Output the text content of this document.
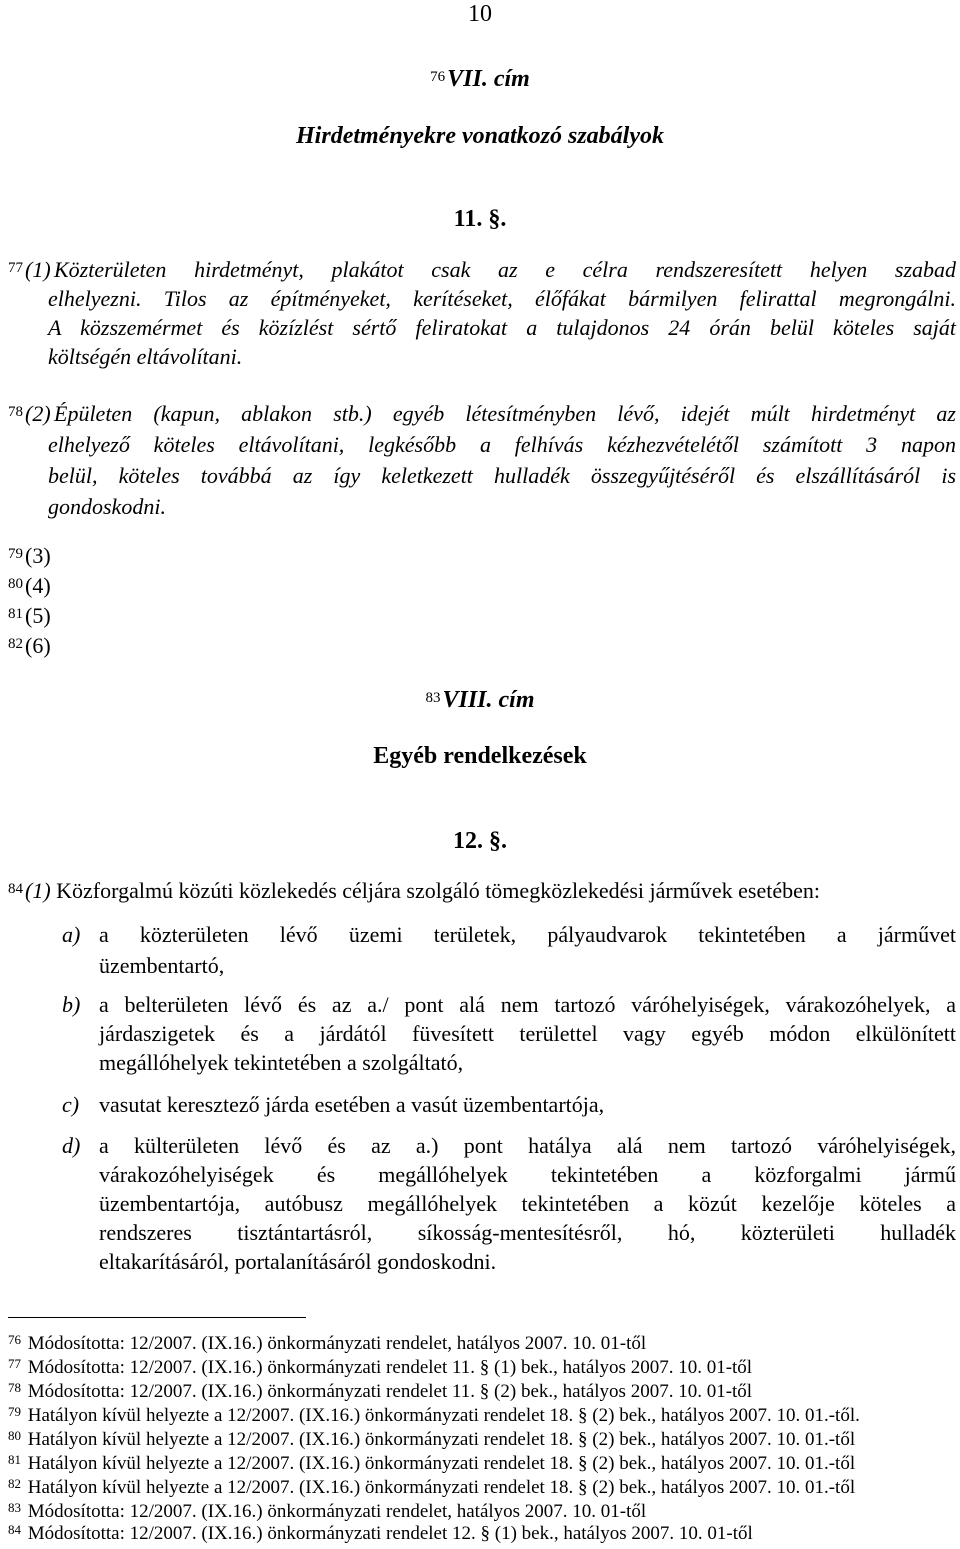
10
$^{76}$VII. cím
Hirdetményekre vonatkozó szabályok
11. §.
$^{77}$(1) Közterületen hirdetményt, plakátot csak az e célra rendszeresített helyen szabad
elhelyezni. Tilos az építményeket, kerítéseket, élőfákat bármilyen felirattal megrongálni.
A közszemérmet és közízlést sértő feliratokat a tulajdonos 24 órán belül köteles saját
költségén eltávolítani.
$^{78}$(2) Épületen (kapun, ablakon stb.) egyéb létesítményben lévő, idejét múlt hirdetményt az
elhelyező köteles eltávolítani, legkésőbb a felhívás kézhezvételétől számított 3 napon
belül, köteles továbbá az így keletkezett hulladék összegyűjtéséről és elszállításáról is
gondoskodni.
$^{79}$(3)
$^{80}$(4)
$^{81}$(5)
$^{82}$(6)
$^{83}$VIII. cím
Egyéb rendelkezések
12. §.
$^{84}$(1) Közforgalmú közúti közlekedés céljára szolgáló tömegközlekedési járművek esetében:
a) a közterületen lévő üzemi területek, pályaudvarok tekintetében a járművet
üzembentartó,
b) a belterületen lévő és az a./ pont alá nem tartozó váróhelyiségek, várakozóhelyek, a
járdaszigetek és a járdától füvesített területtel vagy egyéb módon elkülönített
megállóhelyek tekintetében a szolgáltató,
c) vasutat keresztező járda esetében a vasút üzembentartója,
d) a külterületen lévő és az a.) pont hatálya alá nem tartozó váróhelyiségek,
várakozóhelyiségek és megállóhelyek tekintetében a közforgalmi jármű
üzembentartója, autóbusz megállóhelyek tekintetében a közút kezelője köteles a
rendszeres tisztántartásról, síkosság-mentesítésről, hó, közterületi hulladék
eltakarításáról, portalanításáról gondoskodni.
$^{76}$ Módosította: 12/2007. (IX.16.) önkormányzati rendelet, hatályos 2007. 10. 01-től
$^{77}$ Módosította: 12/2007. (IX.16.) önkormányzati rendelet 11. § (1) bek., hatályos 2007. 10. 01-től
$^{78}$ Módosította: 12/2007. (IX.16.) önkormányzati rendelet 11. § (2) bek., hatályos 2007. 10. 01-től
$^{79}$ Hatályon kívül helyezte a 12/2007. (IX.16.) önkormányzati rendelet 18. § (2) bek., hatályos 2007. 10. 01.-től.
$^{80}$ Hatályon kívül helyezte a 12/2007. (IX.16.) önkormányzati rendelet 18. § (2) bek., hatályos 2007. 10. 01.-től
$^{81}$ Hatályon kívül helyezte a 12/2007. (IX.16.) önkormányzati rendelet 18. § (2) bek., hatályos 2007. 10. 01.-től
$^{82}$ Hatályon kívül helyezte a 12/2007. (IX.16.) önkormányzati rendelet 18. § (2) bek., hatályos 2007. 10. 01.-től
$^{83}$ Módosította: 12/2007. (IX.16.) önkormányzati rendelet, hatályos 2007. 10. 01-től
$^{84}$ Módosította: 12/2007. (IX.16.) önkormányzati rendelet 12. § (1) bek., hatályos 2007. 10. 01-től
